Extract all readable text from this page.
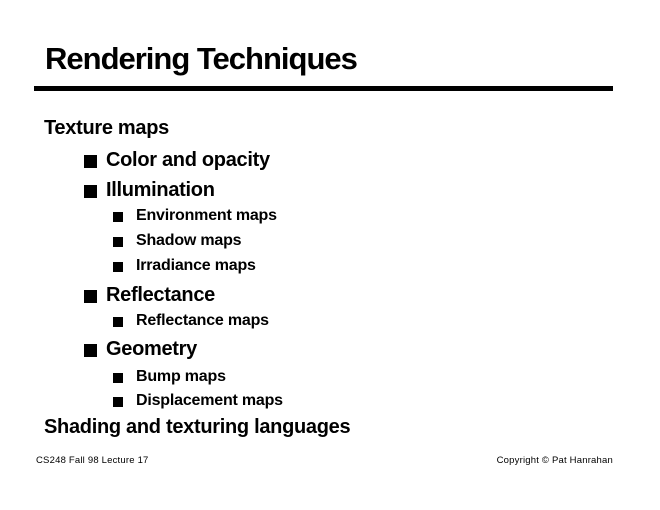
Rendering Techniques
Texture maps
Color and opacity
Illumination
Environment maps
Shadow maps
Irradiance maps
Reflectance
Reflectance maps
Geometry
Bump maps
Displacement maps
Shading and texturing languages
CS248 Fall 98 Lecture 17	Copyright © Pat Hanrahan
